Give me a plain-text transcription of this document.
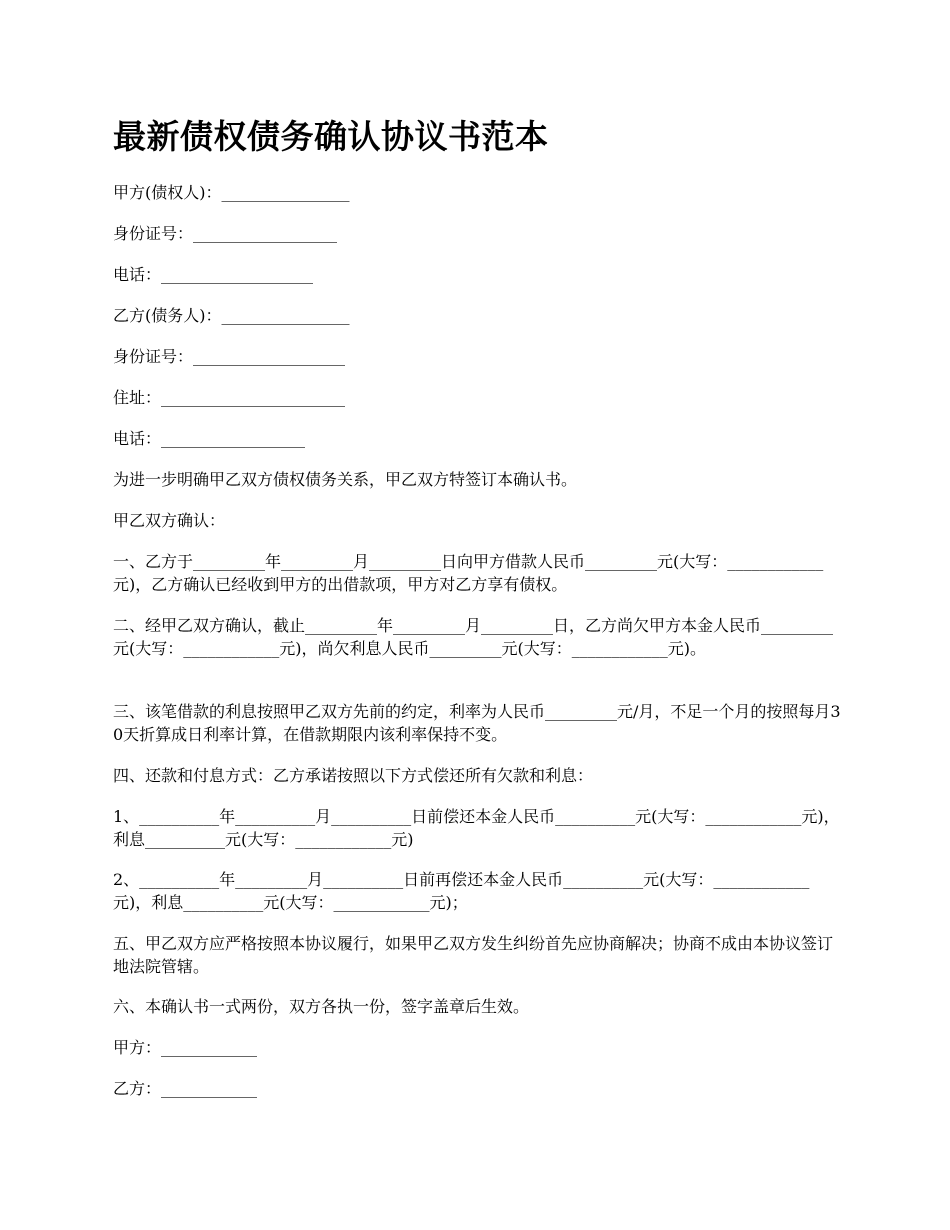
最新债权债务确认协议书范本

甲方(债权人)：________________

身份证号：__________________

电话：___________________

乙方(债务人)：________________

身份证号：___________________

住址：_______________________

电话：__________________

为进一步明确甲乙双方债权债务关系，甲乙双方特签订本确认书。

甲乙双方确认：

一、乙方于_________年_________月_________日向甲方借款人民币_________元(大写：____________元)，乙方确认已经收到甲方的出借款项，甲方对乙方享有债权。

二、经甲乙双方确认，截止_________年_________月_________日，乙方尚欠甲方本金人民币_________元(大写：____________元)，尚欠利息人民币_________元(大写：____________元)。

三、该笔借款的利息按照甲乙双方先前的约定，利率为人民币_________元/月，不足一个月的按照每月30天折算成日利率计算，在借款期限内该利率保持不变。

四、还款和付息方式：乙方承诺按照以下方式偿还所有欠款和利息：

1、__________年__________月__________日前偿还本金人民币__________元(大写：____________元)，利息__________元(大写：____________元)

2、__________年_________月__________日前再偿还本金人民币__________元(大写：____________元)，利息__________元(大写：____________元)；

五、甲乙双方应严格按照本协议履行，如果甲乙双方发生纠纷首先应协商解决；协商不成由本协议签订地法院管辖。

六、本确认书一式两份，双方各执一份，签字盖章后生效。

甲方：____________

乙方：____________
